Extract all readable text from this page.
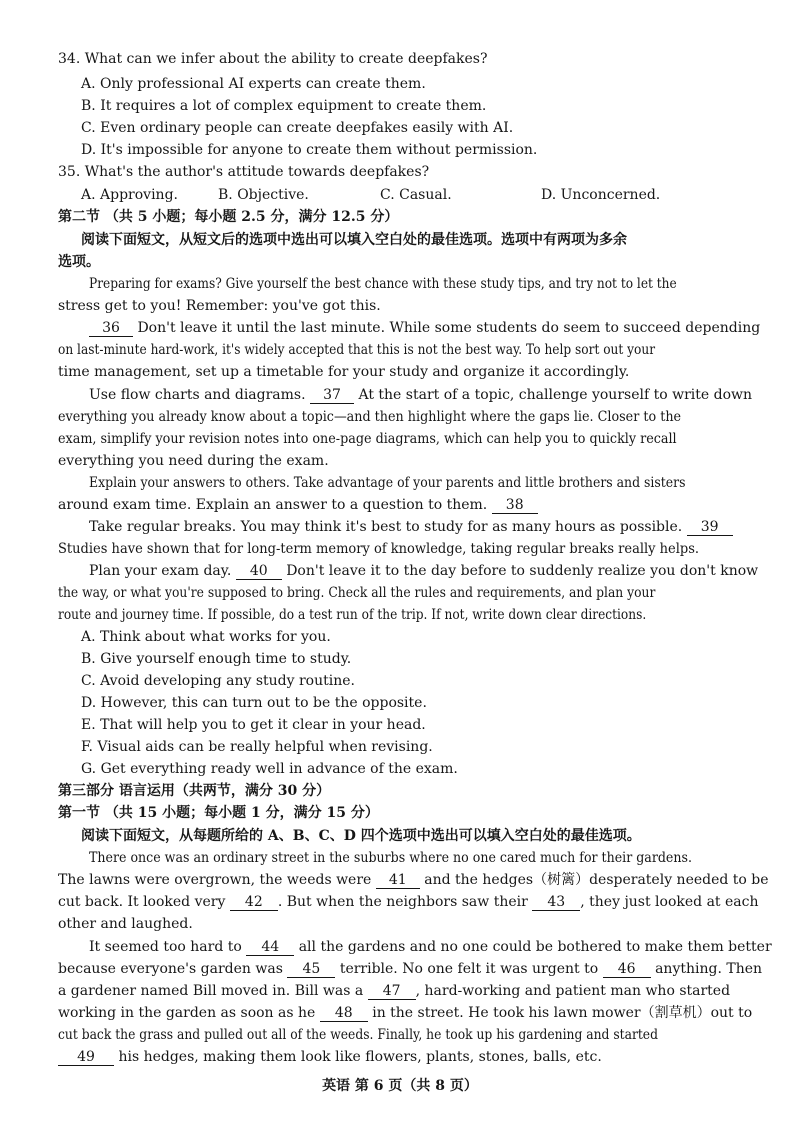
34. What can we infer about the ability to create deepfakes?
A. Only professional AI experts can create them.
B. It requires a lot of complex equipment to create them.
C. Even ordinary people can create deepfakes easily with AI.
D. It's impossible for anyone to create them without permission.
35. What's the author's attitude towards deepfakes?
A. Approving.	B. Objective.	C. Casual.	D. Unconcerned.
第二节 （共 5 小题；每小题 2.5 分，满分 12.5 分）
阅读下面短文，从短文后的选项中选出可以填入空白处的最佳选项。选项中有两项为多余
选项。
Preparing for exams? Give yourself the best chance with these study tips, and try not to let the
stress get to you! Remember: you've got this.
36 Don't leave it until the last minute. While some students do seem to succeed depending
on last-minute hard-work, it's widely accepted that this is not the best way. To help sort out your
time management, set up a timetable for your study and organize it accordingly.
Use flow charts and diagrams. 37 At the start of a topic, challenge yourself to write down
everything you already know about a topic—and then highlight where the gaps lie. Closer to the
exam, simplify your revision notes into one-page diagrams, which can help you to quickly recall
everything you need during the exam.
Explain your answers to others. Take advantage of your parents and little brothers and sisters
around exam time. Explain an answer to a question to them. 38
Take regular breaks. You may think it's best to study for as many hours as possible. 39
Studies have shown that for long-term memory of knowledge, taking regular breaks really helps.
Plan your exam day. 40 Don't leave it to the day before to suddenly realize you don't know
the way, or what you're supposed to bring. Check all the rules and requirements, and plan your
route and journey time. If possible, do a test run of the trip. If not, write down clear directions.
A. Think about what works for you.
B. Give yourself enough time to study.
C. Avoid developing any study routine.
D. However, this can turn out to be the opposite.
E. That will help you to get it clear in your head.
F. Visual aids can be really helpful when revising.
G. Get everything ready well in advance of the exam.
第三部分 语言运用（共两节，满分 30 分）
第一节 （共 15 小题；每小题 1 分，满分 15 分）
阅读下面短文，从每题所给的 A、B、C、D 四个选项中选出可以填入空白处的最佳选项。
There once was an ordinary street in the suburbs where no one cared much for their gardens.
The lawns were overgrown, the weeds were 41 and the hedges（树篱）desperately needed to be
cut back. It looked very 42 . But when the neighbors saw their 43 , they just looked at each
other and laughed.
It seemed too hard to 44 all the gardens and no one could be bothered to make them better
because everyone's garden was 45 terrible. No one felt it was urgent to 46 anything. Then
a gardener named Bill moved in. Bill was a 47 , hard-working and patient man who started
working in the garden as soon as he 48 in the street. He took his lawn mower（割草机）out to
cut back the grass and pulled out all of the weeds. Finally, he took up his gardening and started
49 his hedges, making them look like flowers, plants, stones, balls, etc.
英语 第 6 页（共 8 页）
